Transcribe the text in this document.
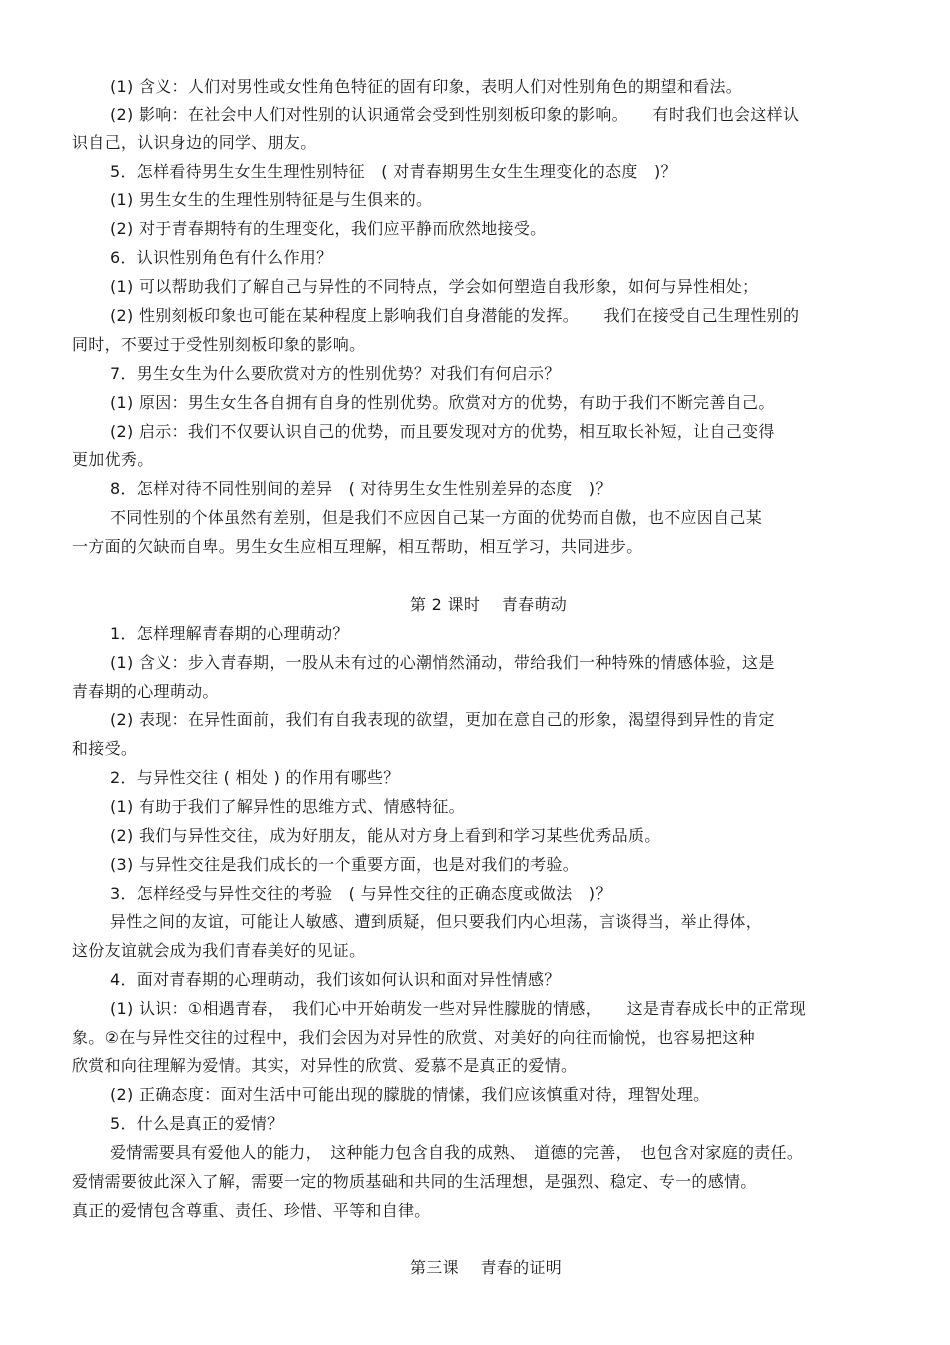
(1) 含义：人们对男性或女性角色特征的固有印象，表明人们对性别角色的期望和看法。
(2) 影响：在社会中人们对性别的认识通常会受到性别刻板印象的影响。　　有时我们也会这样认
识自己，认识身边的同学、朋友。
5．怎样看待男生女生生理性别特征　( 对青春期男生女生生理变化的态度　)？
(1) 男生女生的生理性别特征是与生俱来的。
(2) 对于青春期特有的生理变化，我们应平静而欣然地接受。
6．认识性别角色有什么作用？
(1) 可以帮助我们了解自己与异性的不同特点，学会如何塑造自我形象，如何与异性相处；
(2) 性别刻板印象也可能在某种程度上影响我们自身潜能的发挥。　　我们在接受自己生理性别的
同时，不要过于受性别刻板印象的影响。
7．男生女生为什么要欣赏对方的性别优势？对我们有何启示？
(1) 原因：男生女生各自拥有自身的性别优势。欣赏对方的优势，有助于我们不断完善自己。
(2) 启示：我们不仅要认识自己的优势，而且要发现对方的优势，相互取长补短，让自己变得
更加优秀。
8．怎样对待不同性别间的差异　( 对待男生女生性别差异的态度　)？
不同性别的个体虽然有差别，但是我们不应因自己某一方面的优势而自傲，也不应因自己某
一方面的欠缺而自卑。男生女生应相互理解，相互帮助，相互学习，共同进步。
第 2 课时　 青春萌动
1．怎样理解青春期的心理萌动？
(1) 含义：步入青春期，一股从未有过的心潮悄然涌动，带给我们一种特殊的情感体验，这是
青春期的心理萌动。
(2) 表现：在异性面前，我们有自我表现的欲望，更加在意自己的形象，渴望得到异性的肯定
和接受。
2．与异性交往 ( 相处 ) 的作用有哪些？
(1) 有助于我们了解异性的思维方式、情感特征。
(2) 我们与异性交往，成为好朋友，能从对方身上看到和学习某些优秀品质。
(3) 与异性交往是我们成长的一个重要方面，也是对我们的考验。
3．怎样经受与异性交往的考验　( 与异性交往的正确态度或做法　)？
异性之间的友谊，可能让人敏感、遭到质疑，但只要我们内心坦荡，言谈得当，举止得体，
这份友谊就会成为我们青春美好的见证。
4．面对青春期的心理萌动，我们该如何认识和面对异性情感？
(1) 认识：①相遇青春，　我们心中开始萌发一些对异性朦胧的情感，　　这是青春成长中的正常现
象。②在与异性交往的过程中，我们会因为对异性的欣赏、对美好的向往而愉悦，也容易把这种
欣赏和向往理解为爱情。其实，对异性的欣赏、爱慕不是真正的爱情。
(2) 正确态度：面对生活中可能出现的朦胧的情愫，我们应该慎重对待，理智处理。
5．什么是真正的爱情？
爱情需要具有爱他人的能力，　这种能力包含自我的成熟、　道德的完善，　也包含对家庭的责任。
爱情需要彼此深入了解，需要一定的物质基础和共同的生活理想，是强烈、稳定、专一的感情。
真正的爱情包含尊重、责任、珍惜、平等和自律。
第三课　 青春的证明
